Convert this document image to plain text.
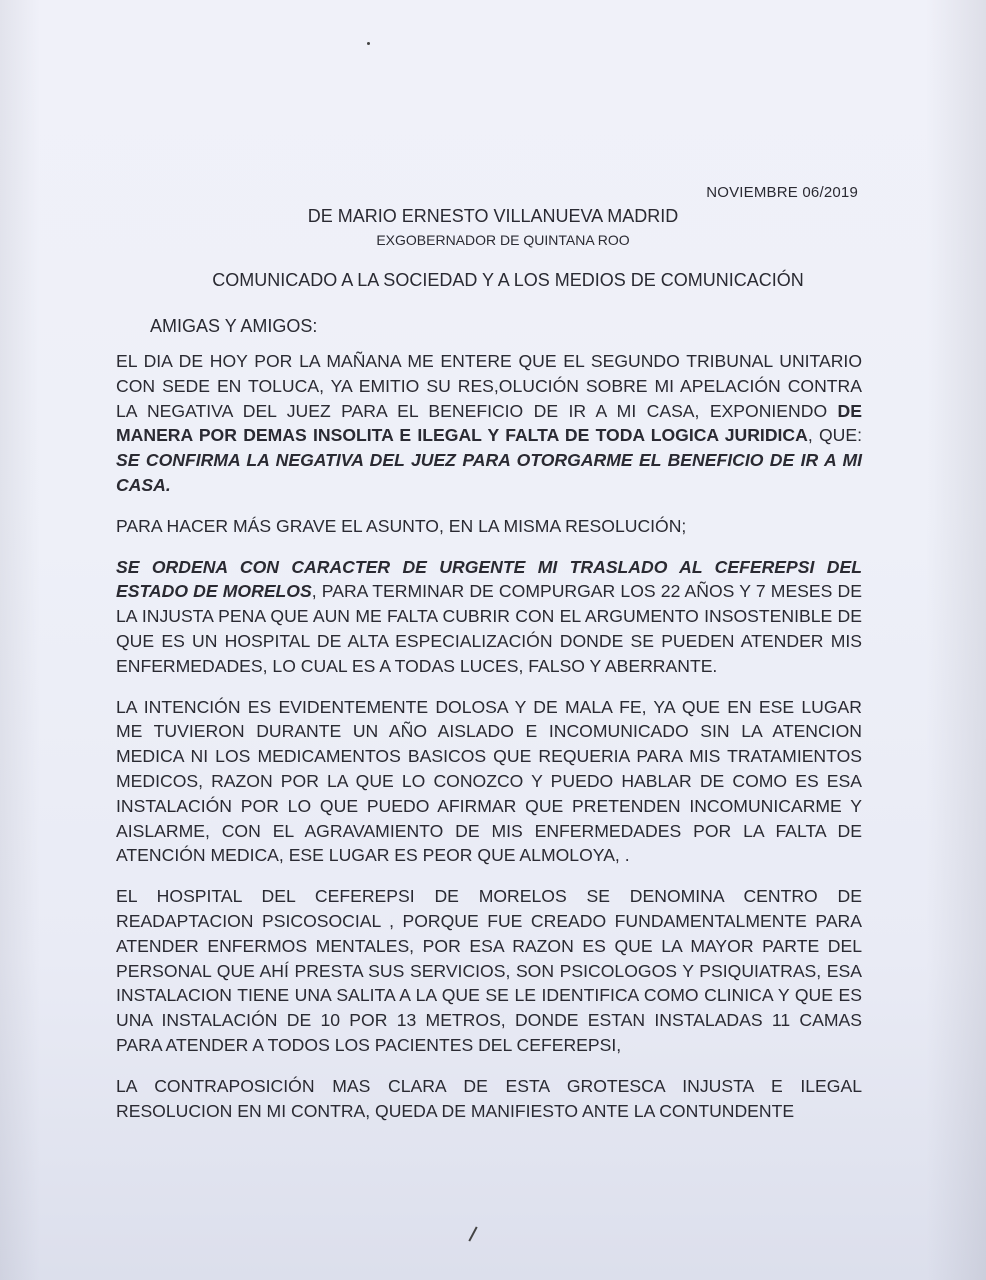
NOVIEMBRE 06/2019
DE MARIO ERNESTO VILLANUEVA MADRID
EXGOBERNADOR DE QUINTANA ROO
COMUNICADO A LA SOCIEDAD Y A LOS MEDIOS DE COMUNICACIÓN
AMIGAS Y AMIGOS:

EL DIA DE HOY POR LA MAÑANA ME ENTERE QUE EL SEGUNDO TRIBUNAL UNITARIO CON SEDE EN TOLUCA, YA EMITIO SU RES,OLUCIÓN SOBRE MI APELACIÓN CONTRA LA NEGATIVA DEL JUEZ PARA EL BENEFICIO DE IR A MI CASA, EXPONIENDO DE MANERA POR DEMAS INSOLITA E ILEGAL Y FALTA DE TODA LOGICA JURIDICA, QUE: SE CONFIRMA LA NEGATIVA DEL JUEZ PARA OTORGARME EL BENEFICIO DE IR A MI CASA.

PARA HACER MÁS GRAVE EL ASUNTO, EN LA MISMA RESOLUCIÓN;

SE ORDENA CON CARACTER DE URGENTE MI TRASLADO AL CEFEREPSI DEL ESTADO DE MORELOS, PARA TERMINAR DE COMPURGAR LOS 22 AÑOS Y 7 MESES DE LA INJUSTA PENA QUE AUN ME FALTA CUBRIR CON EL ARGUMENTO INSOSTENIBLE DE QUE ES UN HOSPITAL DE ALTA ESPECIALIZACIÓN DONDE SE PUEDEN ATENDER MIS ENFERMEDADES, LO CUAL ES A TODAS LUCES, FALSO Y ABERRANTE.

LA INTENCIÓN ES EVIDENTEMENTE DOLOSA Y DE MALA FE, YA QUE EN ESE LUGAR ME TUVIERON DURANTE UN AÑO AISLADO E INCOMUNICADO SIN LA ATENCION MEDICA NI LOS MEDICAMENTOS BASICOS QUE REQUERIA PARA MIS TRATAMIENTOS MEDICOS, RAZON POR LA QUE LO CONOZCO Y PUEDO HABLAR DE COMO ES ESA INSTALACIÓN POR LO QUE PUEDO AFIRMAR QUE PRETENDEN INCOMUNICARME Y AISLARME, CON EL AGRAVAMIENTO DE MIS ENFERMEDADES POR LA FALTA DE ATENCIÓN MEDICA, ESE LUGAR ES PEOR QUE ALMOLOYA, .

EL HOSPITAL DEL CEFEREPSI DE MORELOS SE DENOMINA CENTRO DE READAPTACION PSICOSOCIAL , PORQUE FUE CREADO FUNDAMENTALMENTE PARA ATENDER ENFERMOS MENTALES, POR ESA RAZON ES QUE LA MAYOR PARTE DEL PERSONAL QUE AHÍ PRESTA SUS SERVICIOS, SON PSICOLOGOS Y PSIQUIATRAS, ESA INSTALACION TIENE UNA SALITA A LA QUE SE LE IDENTIFICA COMO CLINICA Y QUE ES UNA INSTALACIÓN DE 10 POR 13 METROS, DONDE ESTAN INSTALADAS 11 CAMAS PARA ATENDER A TODOS LOS PACIENTES DEL CEFEREPSI,

LA CONTRAPOSICIÓN MAS CLARA DE ESTA GROTESCA INJUSTA E ILEGAL RESOLUCION EN MI CONTRA, QUEDA DE MANIFIESTO ANTE LA CONTUNDENTE
